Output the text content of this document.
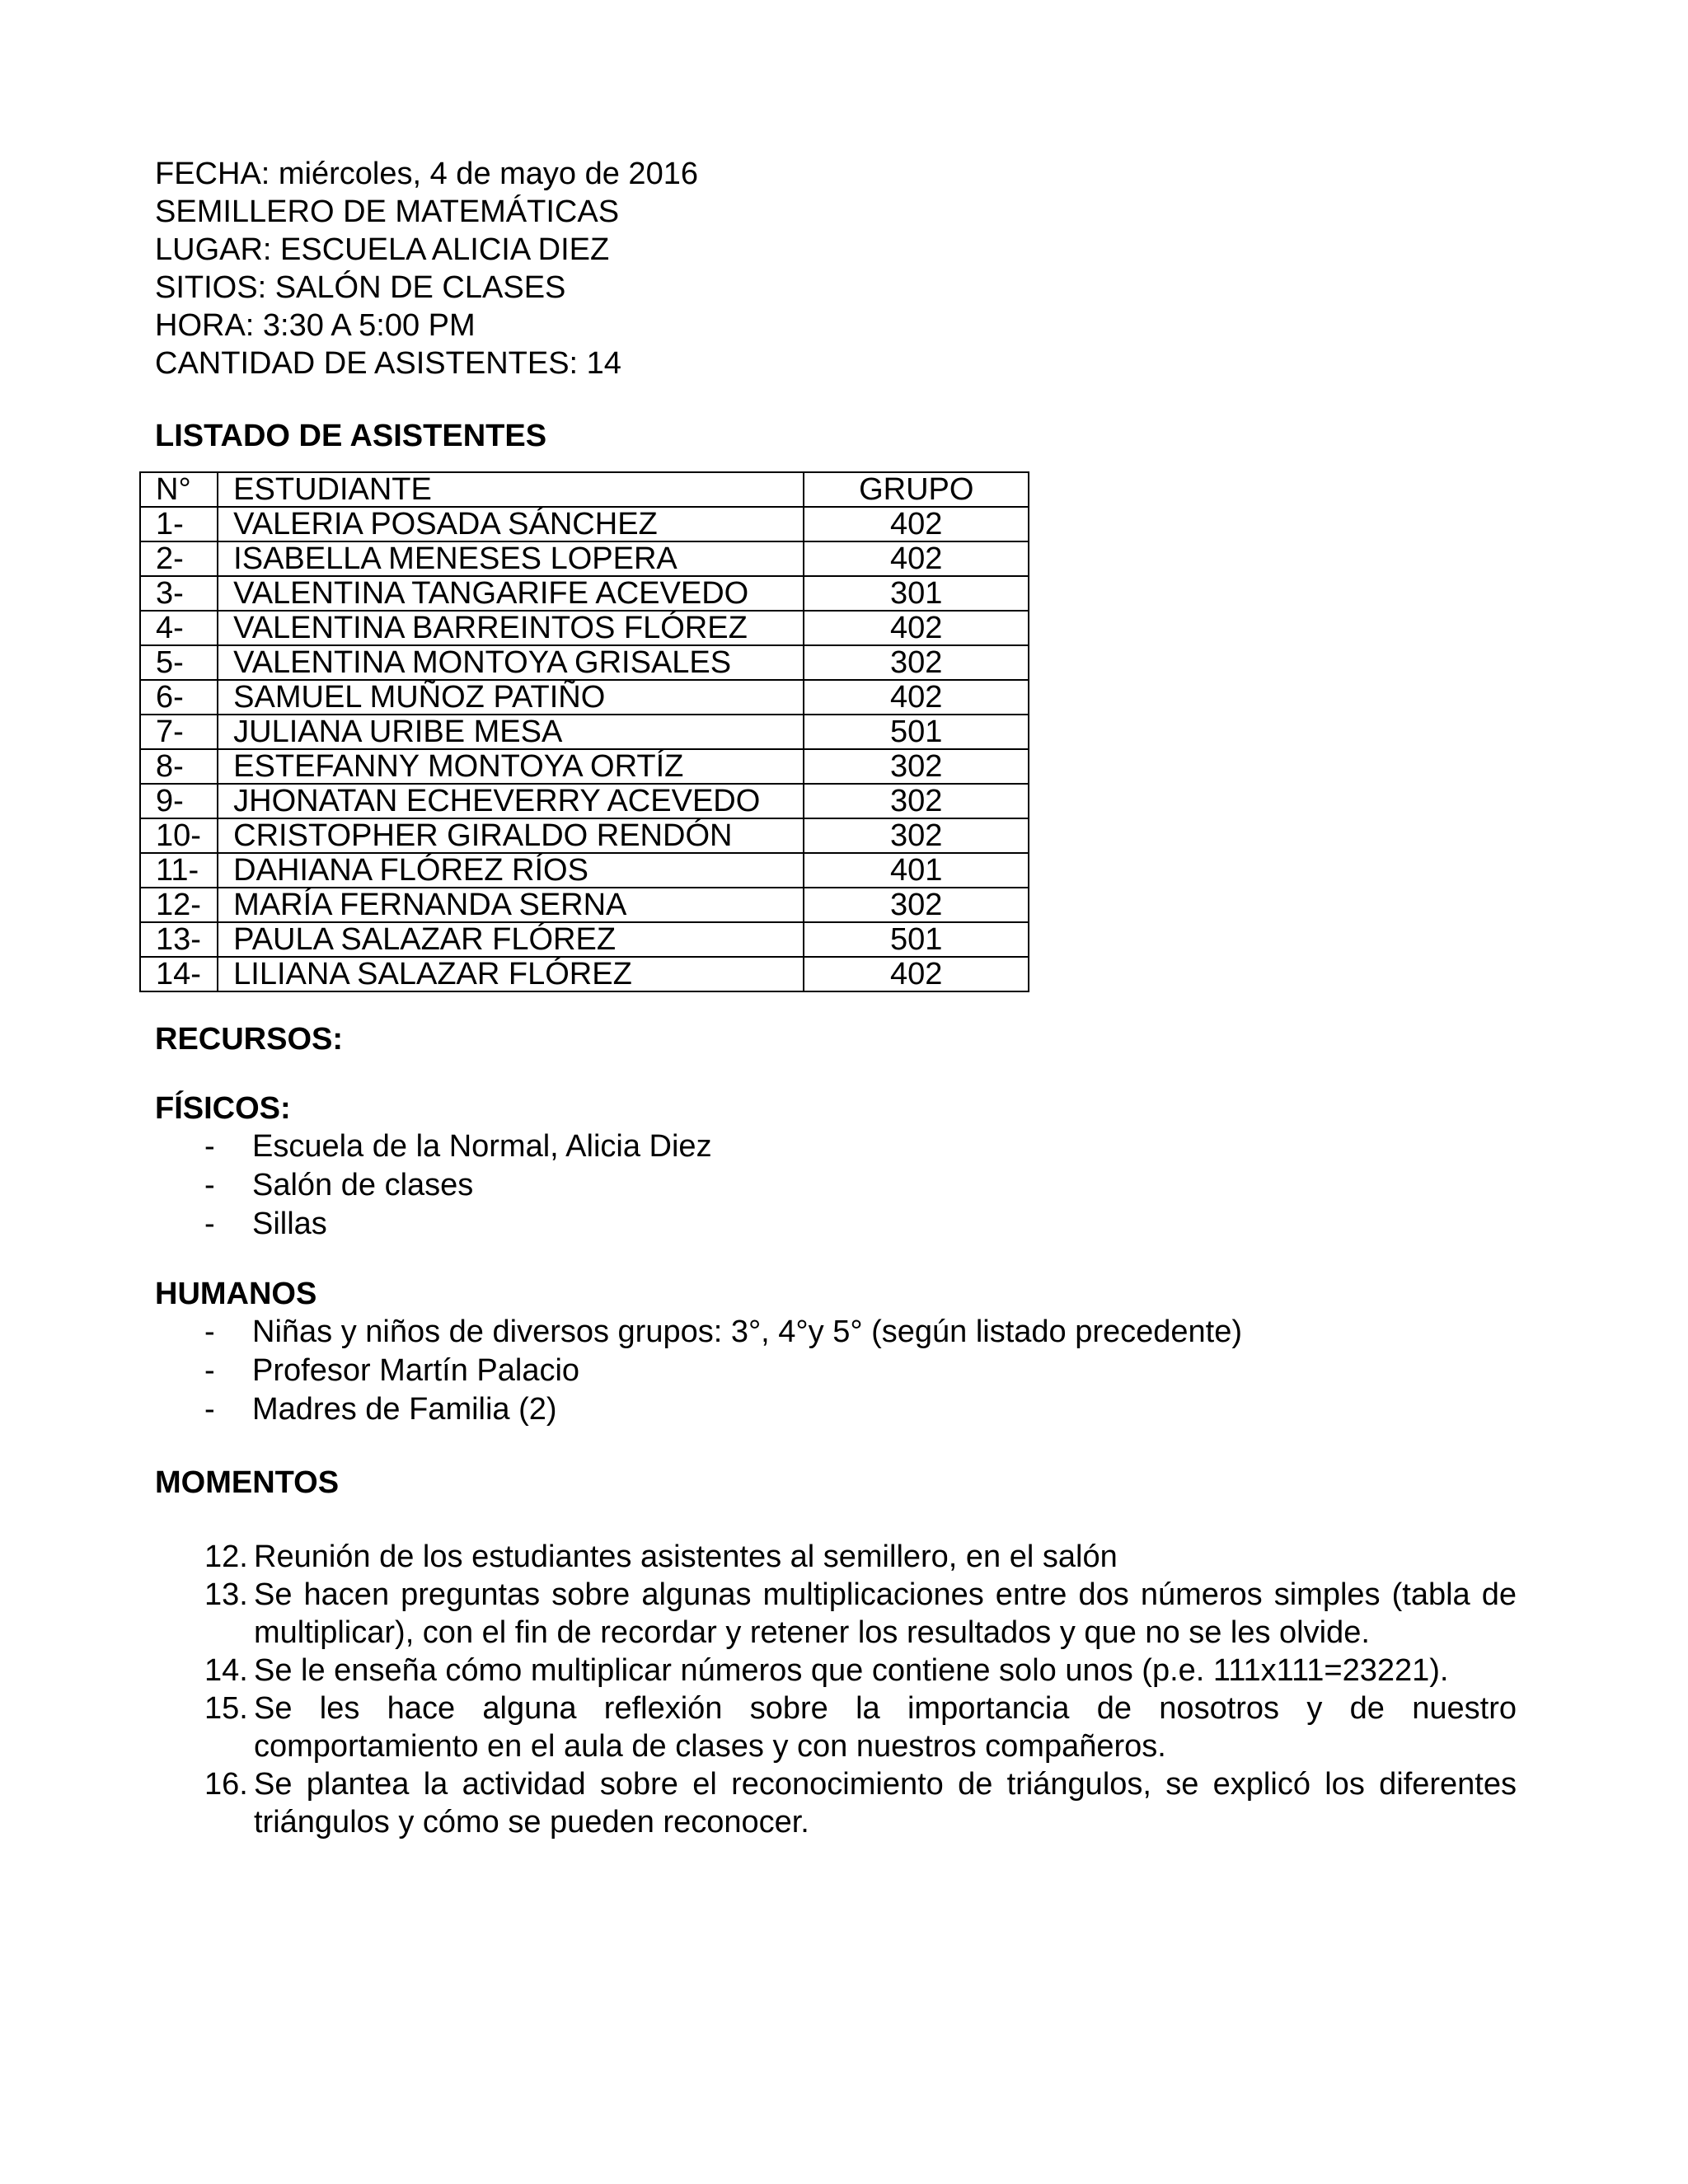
FECHA: miércoles, 4 de mayo de 2016
SEMILLERO DE MATEMÁTICAS
LUGAR: ESCUELA ALICIA DIEZ
SITIOS: SALÓN DE CLASES
HORA: 3:30 A 5:00 PM
CANTIDAD DE ASISTENTES: 14
LISTADO DE ASISTENTES
N°	ESTUDIANTE	GRUPO
1-	VALERIA POSADA SÁNCHEZ	402
2-	ISABELLA MENESES LOPERA	402
3-	VALENTINA TANGARIFE ACEVEDO	301
4-	VALENTINA BARREINTOS FLÓREZ	402
5-	VALENTINA MONTOYA GRISALES	302
6-	SAMUEL MUÑOZ PATIÑO	402
7-	JULIANA URIBE MESA	501
8-	ESTEFANNY MONTOYA ORTÍZ	302
9-	JHONATAN ECHEVERRY ACEVEDO	302
10-	CRISTOPHER GIRALDO RENDÓN	302
11-	DAHIANA FLÓREZ RÍOS	401
12-	MARÍA FERNANDA SERNA	302
13-	PAULA SALAZAR FLÓREZ	501
14-	LILIANA SALAZAR FLÓREZ	402
RECURSOS:
FÍSICOS:
- Escuela de la Normal, Alicia Diez
- Salón de clases
- Sillas
HUMANOS
- Niñas y niños de diversos grupos: 3°, 4°y 5° (según listado precedente)
- Profesor Martín Palacio
- Madres de Familia (2)
MOMENTOS
12. Reunión de los estudiantes asistentes al semillero, en el salón
13. Se hacen preguntas sobre algunas multiplicaciones entre dos números simples (tabla de multiplicar), con el fin de recordar y retener los resultados y que no se les olvide.
14. Se le enseña cómo multiplicar números que contiene solo unos (p.e. 111x111=23221).
15. Se les hace alguna reflexión sobre la importancia de nosotros y de nuestro comportamiento en el aula de clases y con nuestros compañeros.
16. Se plantea la actividad sobre el reconocimiento de triángulos, se explicó los diferentes triángulos y cómo se pueden reconocer.
